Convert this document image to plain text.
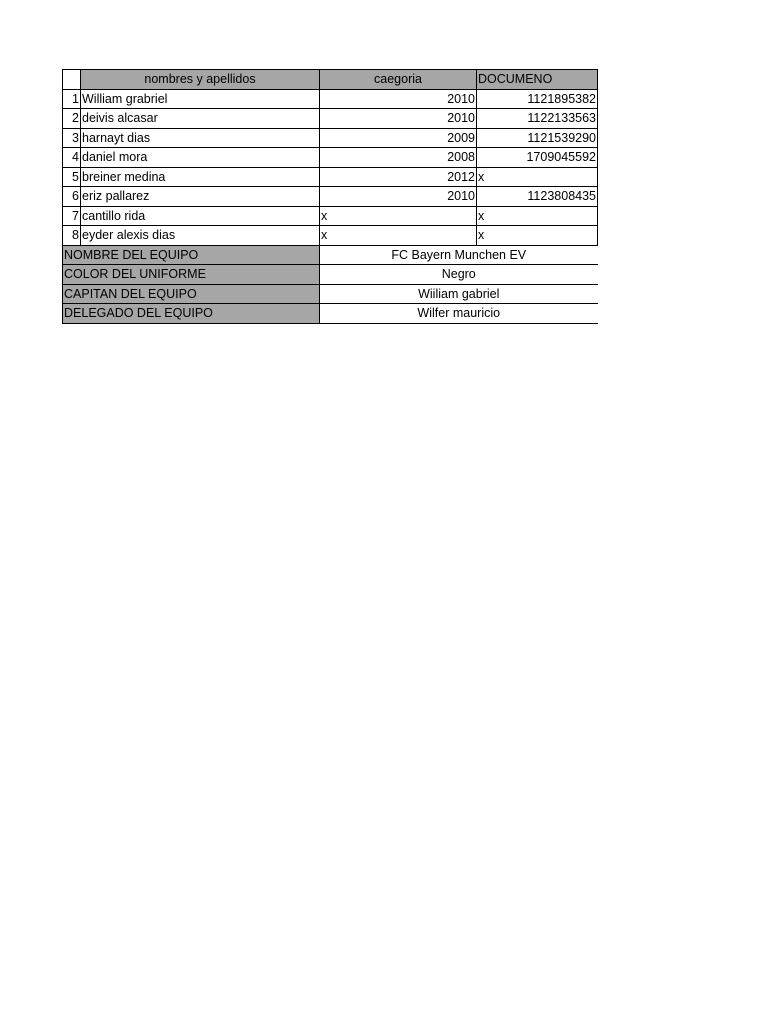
	nombres y apellidos	caegoria	DOCUMENO
1	William grabriel	2010	1121895382
2	deivis alcasar	2010	1122133563
3	harnayt dias	2009	1121539290
4	daniel mora	2008	1709045592
5	breiner medina	2012	x
6	eriz pallarez	2010	1123808435
7	cantillo rida	x	x
8	eyder alexis dias	x	x
NOMBRE DEL EQUIPO		FC Bayern Munchen EV	
COLOR DEL UNIFORME		Negro	
CAPITAN DEL EQUIPO		Wiiliam gabriel	
DELEGADO DEL EQUIPO		Wilfer mauricio	
